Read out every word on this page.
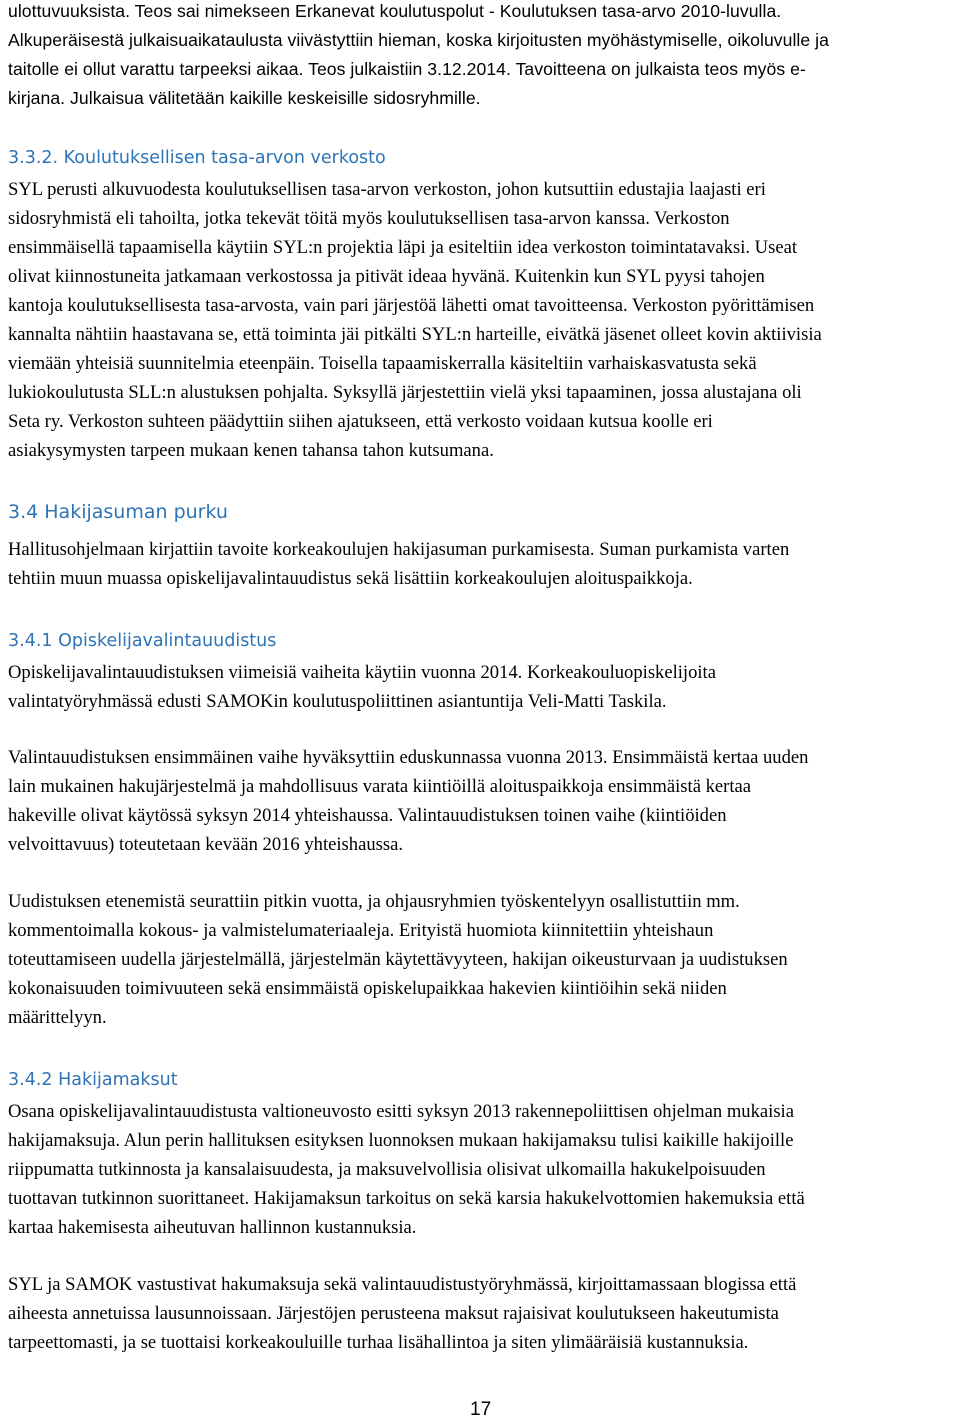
ulottuvuuksista. Teos sai nimekseen Erkanevat koulutuspolut - Koulutuksen tasa-arvo 2010-luvulla.
Alkuperäisestä julkaisuaikataulusta viivästyttiin hieman, koska kirjoitusten myöhästymiselle, oikoluvulle ja
taitolle ei ollut varattu tarpeeksi aikaa. Teos julkaistiin 3.12.2014. Tavoitteena on julkaista teos myös e-
kirjana. Julkaisua välitetään kaikille keskeisille sidosryhmille.
3.3.2. Koulutuksellisen tasa-arvon verkosto
SYL perusti alkuvuodesta koulutuksellisen tasa-arvon verkoston, johon kutsuttiin edustajia laajasti eri
sidosryhmistä eli tahoilta, jotka tekevät töitä myös koulutuksellisen tasa-arvon kanssa. Verkoston
ensimmäisellä tapaamisella käytiin SYL:n projektia läpi ja esiteltiin idea verkoston toimintatavaksi. Useat
olivat kiinnostuneita jatkamaan verkostossa ja pitivät ideaa hyvänä. Kuitenkin kun SYL pyysi tahojen
kantoja koulutuksellisesta tasa-arvosta, vain pari järjestöä lähetti omat tavoitteensa. Verkoston pyörittämisen
kannalta nähtiin haastavana se, että toiminta jäi pitkälti SYL:n harteille, eivätkä jäsenet olleet kovin aktiivisia
viemään yhteisiä suunnitelmia eteenpäin. Toisella tapaamiskerralla käsiteltiin varhaiskasvatusta sekä
lukiokoulutusta SLL:n alustuksen pohjalta. Syksyllä järjestettiin vielä yksi tapaaminen, jossa alustajana oli
Seta ry. Verkoston suhteen päädyttiin siihen ajatukseen, että verkosto voidaan kutsua koolle eri
asiakysymysten tarpeen mukaan kenen tahansa tahon kutsumana.
3.4 Hakijasuman purku
Hallitusohjelmaan kirjattiin tavoite korkeakoulujen hakijasuman purkamisesta. Suman purkamista varten
tehtiin muun muassa opiskelijavalintauudistus sekä lisättiin korkeakoulujen aloituspaikkoja.
3.4.1 Opiskelijavalintauudistus
Opiskelijavalintauudistuksen viimeisiä vaiheita käytiin vuonna 2014. Korkeakouluopiskelijoita
valintatyöryhmässä edusti SAMOKin koulutuspoliittinen asiantuntija Veli-Matti Taskila.
Valintauudistuksen ensimmäinen vaihe hyväksyttiin eduskunnassa vuonna 2013. Ensimmäistä kertaa uuden
lain mukainen hakujärjestelmä ja mahdollisuus varata kiintiöillä aloituspaikkoja ensimmäistä kertaa
hakeville olivat käytössä syksyn 2014 yhteishaussa. Valintauudistuksen toinen vaihe (kiintiöiden
velvoittavuus) toteutetaan kevään 2016 yhteishaussa.
Uudistuksen etenemistä seurattiin pitkin vuotta, ja ohjausryhmien työskentelyyn osallistuttiin mm.
kommentoimalla kokous- ja valmistelumateriaaleja. Erityistä huomiota kiinnitettiin yhteishaun
toteuttamiseen uudella järjestelmällä, järjestelmän käytettävyyteen, hakijan oikeusturvaan ja uudistuksen
kokonaisuuden toimivuuteen sekä ensimmäistä opiskelupaikkaa hakevien kiintiöihin sekä niiden
määrittelyyn.
3.4.2 Hakijamaksut
Osana opiskelijavalintauudistusta valtioneuvosto esitti syksyn 2013 rakennepoliittisen ohjelman mukaisia
hakijamaksuja. Alun perin hallituksen esityksen luonnoksen mukaan hakijamaksu tulisi kaikille hakijoille
riippumatta tutkinnosta ja kansalaisuudesta, ja maksuvelvollisia olisivat ulkomailla hakukelpoisuuden
tuottavan tutkinnon suorittaneet. Hakijamaksun tarkoitus on sekä karsia hakukelvottomien hakemuksia että
kartaa hakemisesta aiheutuvan hallinnon kustannuksia.
SYL ja SAMOK vastustivat hakumaksuja sekä valintauudistustyöryhmässä, kirjoittamassaan blogissa että
aiheesta annetuissa lausunnoissaan. Järjestöjen perusteena maksut rajaisivat koulutukseen hakeutumista
tarpeettomasti, ja se tuottaisi korkeakouluille turhaa lisähallintoa ja siten ylimääräisiä kustannuksia.
17
